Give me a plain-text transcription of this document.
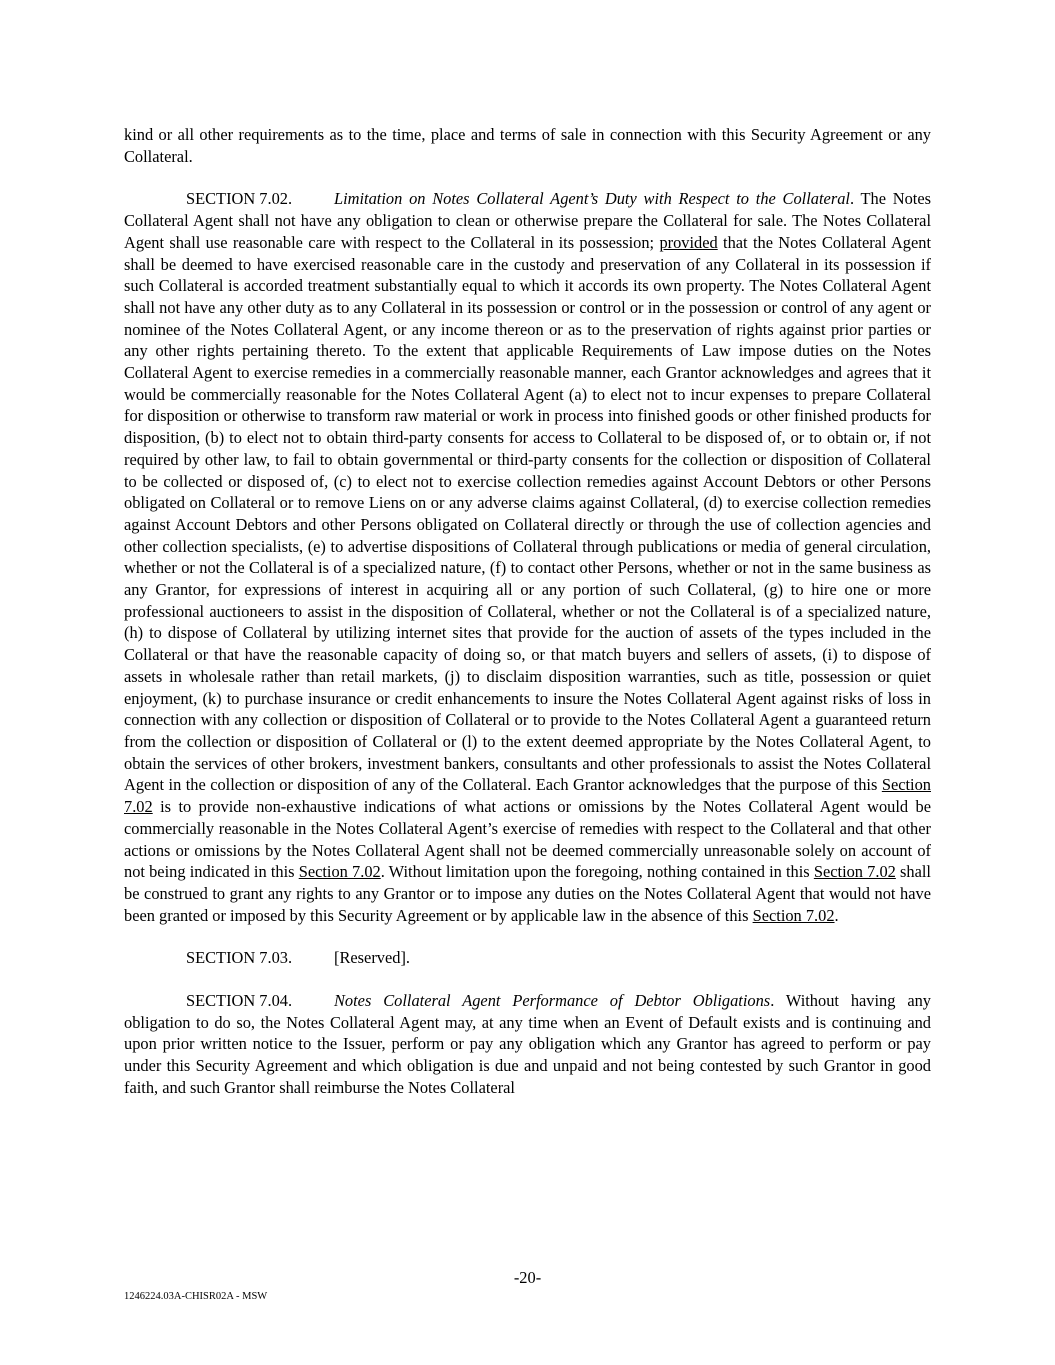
kind or all other requirements as to the time, place and terms of sale in connection with this Security Agreement or any Collateral.

SECTION 7.02.	Limitation on Notes Collateral Agent’s Duty with Respect to the Collateral. The Notes Collateral Agent shall not have any obligation to clean or otherwise prepare the Collateral for sale. The Notes Collateral Agent shall use reasonable care with respect to the Collateral in its possession; provided that the Notes Collateral Agent shall be deemed to have exercised reasonable care in the custody and preservation of any Collateral in its possession if such Collateral is accorded treatment substantially equal to which it accords its own property. The Notes Collateral Agent shall not have any other duty as to any Collateral in its possession or control or in the possession or control of any agent or nominee of the Notes Collateral Agent, or any income thereon or as to the preservation of rights against prior parties or any other rights pertaining thereto. To the extent that applicable Requirements of Law impose duties on the Notes Collateral Agent to exercise remedies in a commercially reasonable manner, each Grantor acknowledges and agrees that it would be commercially reasonable for the Notes Collateral Agent (a) to elect not to incur expenses to prepare Collateral for disposition or otherwise to transform raw material or work in process into finished goods or other finished products for disposition, (b) to elect not to obtain third-party consents for access to Collateral to be disposed of, or to obtain or, if not required by other law, to fail to obtain governmental or third-party consents for the collection or disposition of Collateral to be collected or disposed of, (c) to elect not to exercise collection remedies against Account Debtors or other Persons obligated on Collateral or to remove Liens on or any adverse claims against Collateral, (d) to exercise collection remedies against Account Debtors and other Persons obligated on Collateral directly or through the use of collection agencies and other collection specialists, (e) to advertise dispositions of Collateral through publications or media of general circulation, whether or not the Collateral is of a specialized nature, (f) to contact other Persons, whether or not in the same business as any Grantor, for expressions of interest in acquiring all or any portion of such Collateral, (g) to hire one or more professional auctioneers to assist in the disposition of Collateral, whether or not the Collateral is of a specialized nature, (h) to dispose of Collateral by utilizing internet sites that provide for the auction of assets of the types included in the Collateral or that have the reasonable capacity of doing so, or that match buyers and sellers of assets, (i) to dispose of assets in wholesale rather than retail markets, (j) to disclaim disposition warranties, such as title, possession or quiet enjoyment, (k) to purchase insurance or credit enhancements to insure the Notes Collateral Agent against risks of loss in connection with any collection or disposition of Collateral or to provide to the Notes Collateral Agent a guaranteed return from the collection or disposition of Collateral or (l) to the extent deemed appropriate by the Notes Collateral Agent, to obtain the services of other brokers, investment bankers, consultants and other professionals to assist the Notes Collateral Agent in the collection or disposition of any of the Collateral. Each Grantor acknowledges that the purpose of this Section 7.02 is to provide non-exhaustive indications of what actions or omissions by the Notes Collateral Agent would be commercially reasonable in the Notes Collateral Agent’s exercise of remedies with respect to the Collateral and that other actions or omissions by the Notes Collateral Agent shall not be deemed commercially unreasonable solely on account of not being indicated in this Section 7.02. Without limitation upon the foregoing, nothing contained in this Section 7.02 shall be construed to grant any rights to any Grantor or to impose any duties on the Notes Collateral Agent that would not have been granted or imposed by this Security Agreement or by applicable law in the absence of this Section 7.02.

SECTION 7.03.	[Reserved].

SECTION 7.04.	Notes Collateral Agent Performance of Debtor Obligations. Without having any obligation to do so, the Notes Collateral Agent may, at any time when an Event of Default exists and is continuing and upon prior written notice to the Issuer, perform or pay any obligation which any Grantor has agreed to perform or pay under this Security Agreement and which obligation is due and unpaid and not being contested by such Grantor in good faith, and such Grantor shall reimburse the Notes Collateral

-20-
1246224.03A-CHISR02A - MSW
